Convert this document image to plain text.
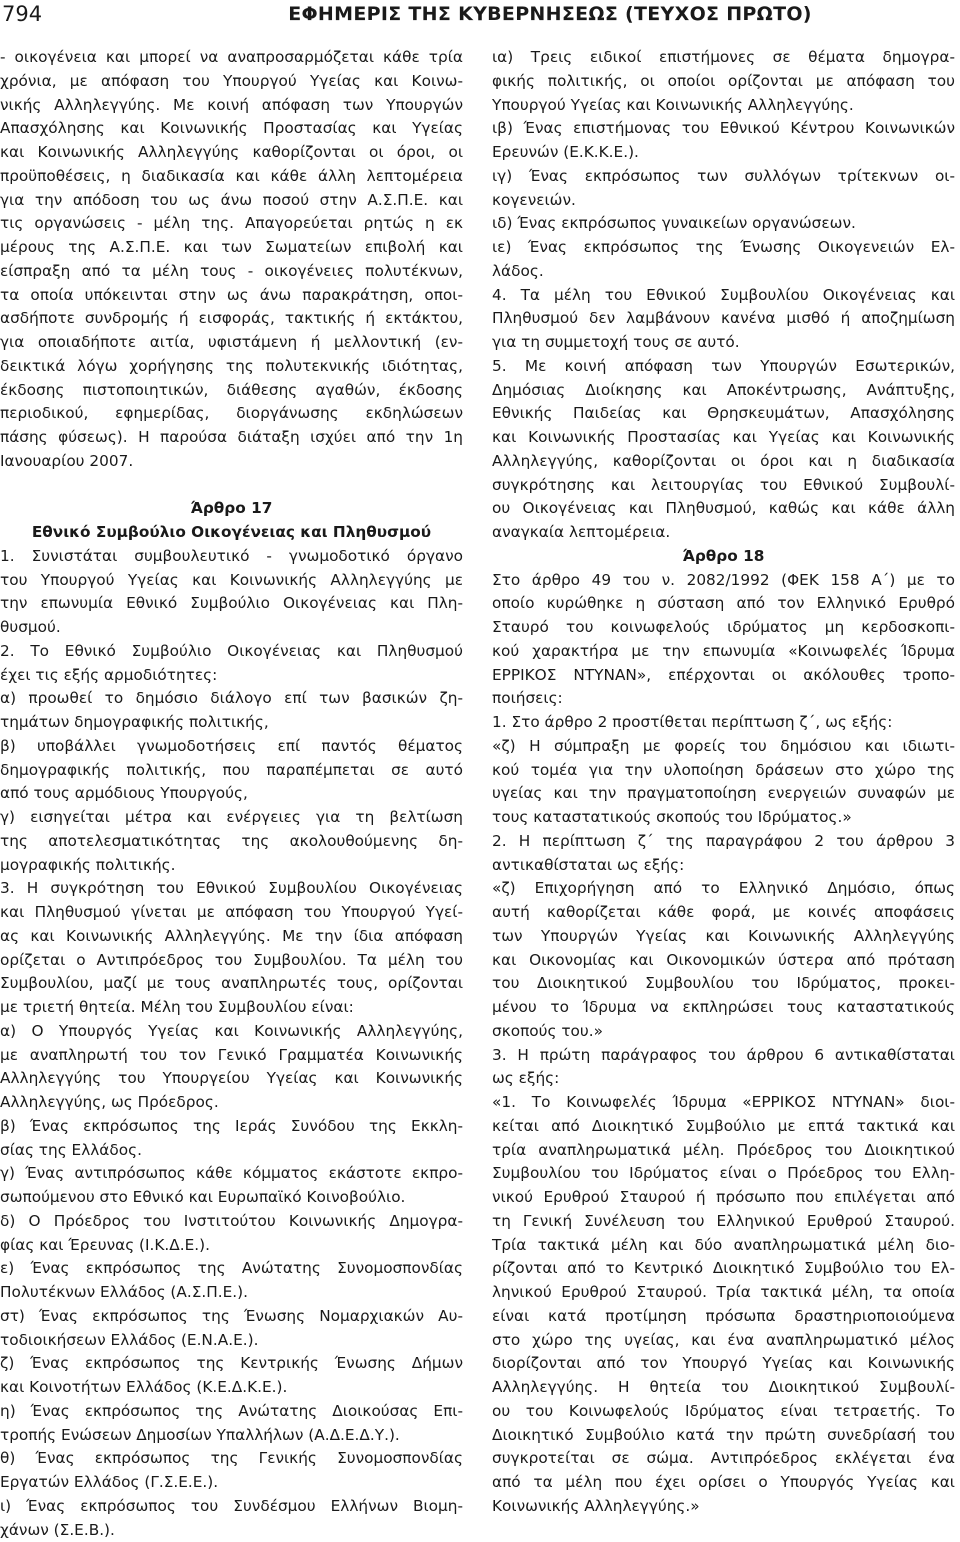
794	ΕΦΗΜΕΡΙΣ ΤΗΣ ΚΥΒΕΡΝΗΣΕΩΣ (ΤΕΥΧΟΣ ΠΡΩΤΟ)
- οικογένεια και μπορεί να αναπροσαρμόζεται κάθε τρία
χρόνια, με απόφαση του Υπουργού Υγείας και Κοινω-
νικής Αλληλεγγύης. Με κοινή απόφαση των Υπουργών
Απασχόλησης και Κοινωνικής Προστασίας και Υγείας
και Κοινωνικής Αλληλεγγύης καθορίζονται οι όροι, οι
προϋποθέσεις, η διαδικασία και κάθε άλλη λεπτομέρεια
για την απόδοση του ως άνω ποσού στην Α.Σ.Π.Ε. και
τις οργανώσεις - μέλη της. Απαγορεύεται ρητώς η εκ
μέρους της Α.Σ.Π.Ε. και των Σωματείων επιβολή και
είσπραξη από τα μέλη τους - οικογένειες πολυτέκνων,
τα οποία υπόκεινται στην ως άνω παρακράτηση, οποι-
ασδήποτε συνδρομής ή εισφοράς, τακτικής ή εκτάκτου,
για οποιαδήποτε αιτία, υφιστάμενη ή μελλοντική (εν-
δεικτικά λόγω χορήγησης της πολυτεκνικής ιδιότητας,
έκδοσης πιστοποιητικών, διάθεσης αγαθών, έκδοσης
περιοδικού, εφημερίδας, διοργάνωσης εκδηλώσεων
πάσης φύσεως). Η παρούσα διάταξη ισχύει από την 1η
Ιανουαρίου 2007.
Άρθρο 17
Εθνικό Συμβούλιο Οικογένειας και Πληθυσμού
1. Συνιστάται συμβουλευτικό - γνωμοδοτικό όργανο
του Υπουργού Υγείας και Κοινωνικής Αλληλεγγύης με
την επωνυμία Εθνικό Συμβούλιο Οικογένειας και Πλη-
θυσμού.
2. Το Εθνικό Συμβούλιο Οικογένειας και Πληθυσμού
έχει τις εξής αρμοδιότητες:
α) προωθεί το δημόσιο διάλογο επί των βασικών ζη-
τημάτων δημογραφικής πολιτικής,
β) υποβάλλει γνωμοδοτήσεις επί παντός θέματος
δημογραφικής πολιτικής, που παραπέμπεται σε αυτό
από τους αρμόδιους Υπουργούς,
γ) εισηγείται μέτρα και ενέργειες για τη βελτίωση
της αποτελεσματικότητας της ακολουθούμενης δη-
μογραφικής πολιτικής.
3. Η συγκρότηση του Εθνικού Συμβουλίου Οικογένειας
και Πληθυσμού γίνεται με απόφαση του Υπουργού Υγεί-
ας και Κοινωνικής Αλληλεγγύης. Με την ίδια απόφαση
ορίζεται ο Αντιπρόεδρος του Συμβουλίου. Τα μέλη του
Συμβουλίου, μαζί με τους αναπληρωτές τους, ορίζονται
με τριετή θητεία. Μέλη του Συμβουλίου είναι:
α) Ο Υπουργός Υγείας και Κοινωνικής Αλληλεγγύης,
με αναπληρωτή του τον Γενικό Γραμματέα Κοινωνικής
Αλληλεγγύης του Υπουργείου Υγείας και Κοινωνικής
Αλληλεγγύης, ως Πρόεδρος.
β) Ένας εκπρόσωπος της Ιεράς Συνόδου της Εκκλη-
σίας της Ελλάδος.
γ) Ένας αντιπρόσωπος κάθε κόμματος εκάστοτε εκπρο-
σωπούμενου στο Εθνικό και Ευρωπαϊκό Κοινοβούλιο.
δ) Ο Πρόεδρος του Ινστιτούτου Κοινωνικής Δημογρα-
φίας και Έρευνας (Ι.Κ.Δ.Ε.).
ε) Ένας εκπρόσωπος της Ανώτατης Συνομοσπονδίας
Πολυτέκνων Ελλάδος (Α.Σ.Π.Ε.).
στ) Ένας εκπρόσωπος της Ένωσης Νομαρχιακών Αυ-
τοδιοικήσεων Ελλάδος (Ε.Ν.Α.Ε.).
ζ) Ένας εκπρόσωπος της Κεντρικής Ένωσης Δήμων
και Κοινοτήτων Ελλάδος (Κ.Ε.Δ.Κ.Ε.).
η) Ένας εκπρόσωπος της Ανώτατης Διοικούσας Επι-
τροπής Ενώσεων Δημοσίων Υπαλλήλων (Α.Δ.Ε.Δ.Υ.).
θ) Ένας εκπρόσωπος της Γενικής Συνομοσπονδίας
Εργατών Ελλάδος (Γ.Σ.Ε.Ε.).
ι) Ένας εκπρόσωπος του Συνδέσμου Ελλήνων Βιομη-
χάνων (Σ.Ε.Β.).
ια) Τρεις ειδικοί επιστήμονες σε θέματα δημογρα-
φικής πολιτικής, οι οποίοι ορίζονται με απόφαση του
Υπουργού Υγείας και Κοινωνικής Αλληλεγγύης.
ιβ) Ένας επιστήμονας του Εθνικού Κέντρου Κοινωνικών
Ερευνών (Ε.Κ.Κ.Ε.).
ιγ) Ένας εκπρόσωπος των συλλόγων τρίτεκνων οι-
κογενειών.
ιδ) Ένας εκπρόσωπος γυναικείων οργανώσεων.
ιε) Ένας εκπρόσωπος της Ένωσης Οικογενειών Ελ-
λάδος.
4. Τα μέλη του Εθνικού Συμβουλίου Οικογένειας και
Πληθυσμού δεν λαμβάνουν κανένα μισθό ή αποζημίωση
για τη συμμετοχή τους σε αυτό.
5. Με κοινή απόφαση των Υπουργών Εσωτερικών,
Δημόσιας Διοίκησης και Αποκέντρωσης, Ανάπτυξης,
Εθνικής Παιδείας και Θρησκευμάτων, Απασχόλησης
και Κοινωνικής Προστασίας και Υγείας και Κοινωνικής
Αλληλεγγύης, καθορίζονται οι όροι και η διαδικασία
συγκρότησης και λειτουργίας του Εθνικού Συμβουλί-
ου Οικογένειας και Πληθυσμού, καθώς και κάθε άλλη
αναγκαία λεπτομέρεια.
Άρθρο 18
Στο άρθρο 49 του ν. 2082/1992 (ΦΕΚ 158 Α΄) με το
οποίο κυρώθηκε η σύσταση από τον Ελληνικό Ερυθρό
Σταυρό του κοινωφελούς ιδρύματος μη κερδοσκοπι-
κού χαρακτήρα με την επωνυμία «Κοινωφελές Ίδρυμα
ΕΡΡΙΚΟΣ ΝΤΥΝΑΝ», επέρχονται οι ακόλουθες τροπο-
ποιήσεις:
1. Στο άρθρο 2 προστίθεται περίπτωση ζ΄, ως εξής:
«ζ) Η σύμπραξη με φορείς του δημόσιου και ιδιωτι-
κού τομέα για την υλοποίηση δράσεων στο χώρο της
υγείας και την πραγματοποίηση ενεργειών συναφών με
τους καταστατικούς σκοπούς του Ιδρύματος.»
2. Η περίπτωση ζ΄ της παραγράφου 2 του άρθρου 3
αντικαθίσταται ως εξής:
«ζ) Επιχορήγηση από το Ελληνικό Δημόσιο, όπως
αυτή καθορίζεται κάθε φορά, με κοινές αποφάσεις
των Υπουργών Υγείας και Κοινωνικής Αλληλεγγύης
και Οικονομίας και Οικονομικών ύστερα από πρόταση
του Διοικητικού Συμβουλίου του Ιδρύματος, προκει-
μένου το Ίδρυμα να εκπληρώσει τους καταστατικούς
σκοπούς του.»
3. Η πρώτη παράγραφος του άρθρου 6 αντικαθίσταται
ως εξής:
«1. Το Κοινωφελές Ίδρυμα «ΕΡΡΙΚΟΣ ΝΤΥΝΑΝ» διοι-
κείται από Διοικητικό Συμβούλιο με επτά τακτικά και
τρία αναπληρωματικά μέλη. Πρόεδρος του Διοικητικού
Συμβουλίου του Ιδρύματος είναι ο Πρόεδρος του Ελλη-
νικού Ερυθρού Σταυρού ή πρόσωπο που επιλέγεται από
τη Γενική Συνέλευση του Ελληνικού Ερυθρού Σταυρού.
Τρία τακτικά μέλη και δύο αναπληρωματικά μέλη διο-
ρίζονται από το Κεντρικό Διοικητικό Συμβούλιο του Ελ-
ληνικού Ερυθρού Σταυρού. Τρία τακτικά μέλη, τα οποία
είναι κατά προτίμηση πρόσωπα δραστηριοποιούμενα
στο χώρο της υγείας, και ένα αναπληρωματικό μέλος
διορίζονται από τον Υπουργό Υγείας και Κοινωνικής
Αλληλεγγύης. Η θητεία του Διοικητικού Συμβουλί-
ου του Κοινωφελούς Ιδρύματος είναι τετραετής. Το
Διοικητικό Συμβούλιο κατά την πρώτη συνεδρίασή του
συγκροτείται σε σώμα. Αντιπρόεδρος εκλέγεται ένα
από τα μέλη που έχει ορίσει ο Υπουργός Υγείας και
Κοινωνικής Αλληλεγγύης.»
